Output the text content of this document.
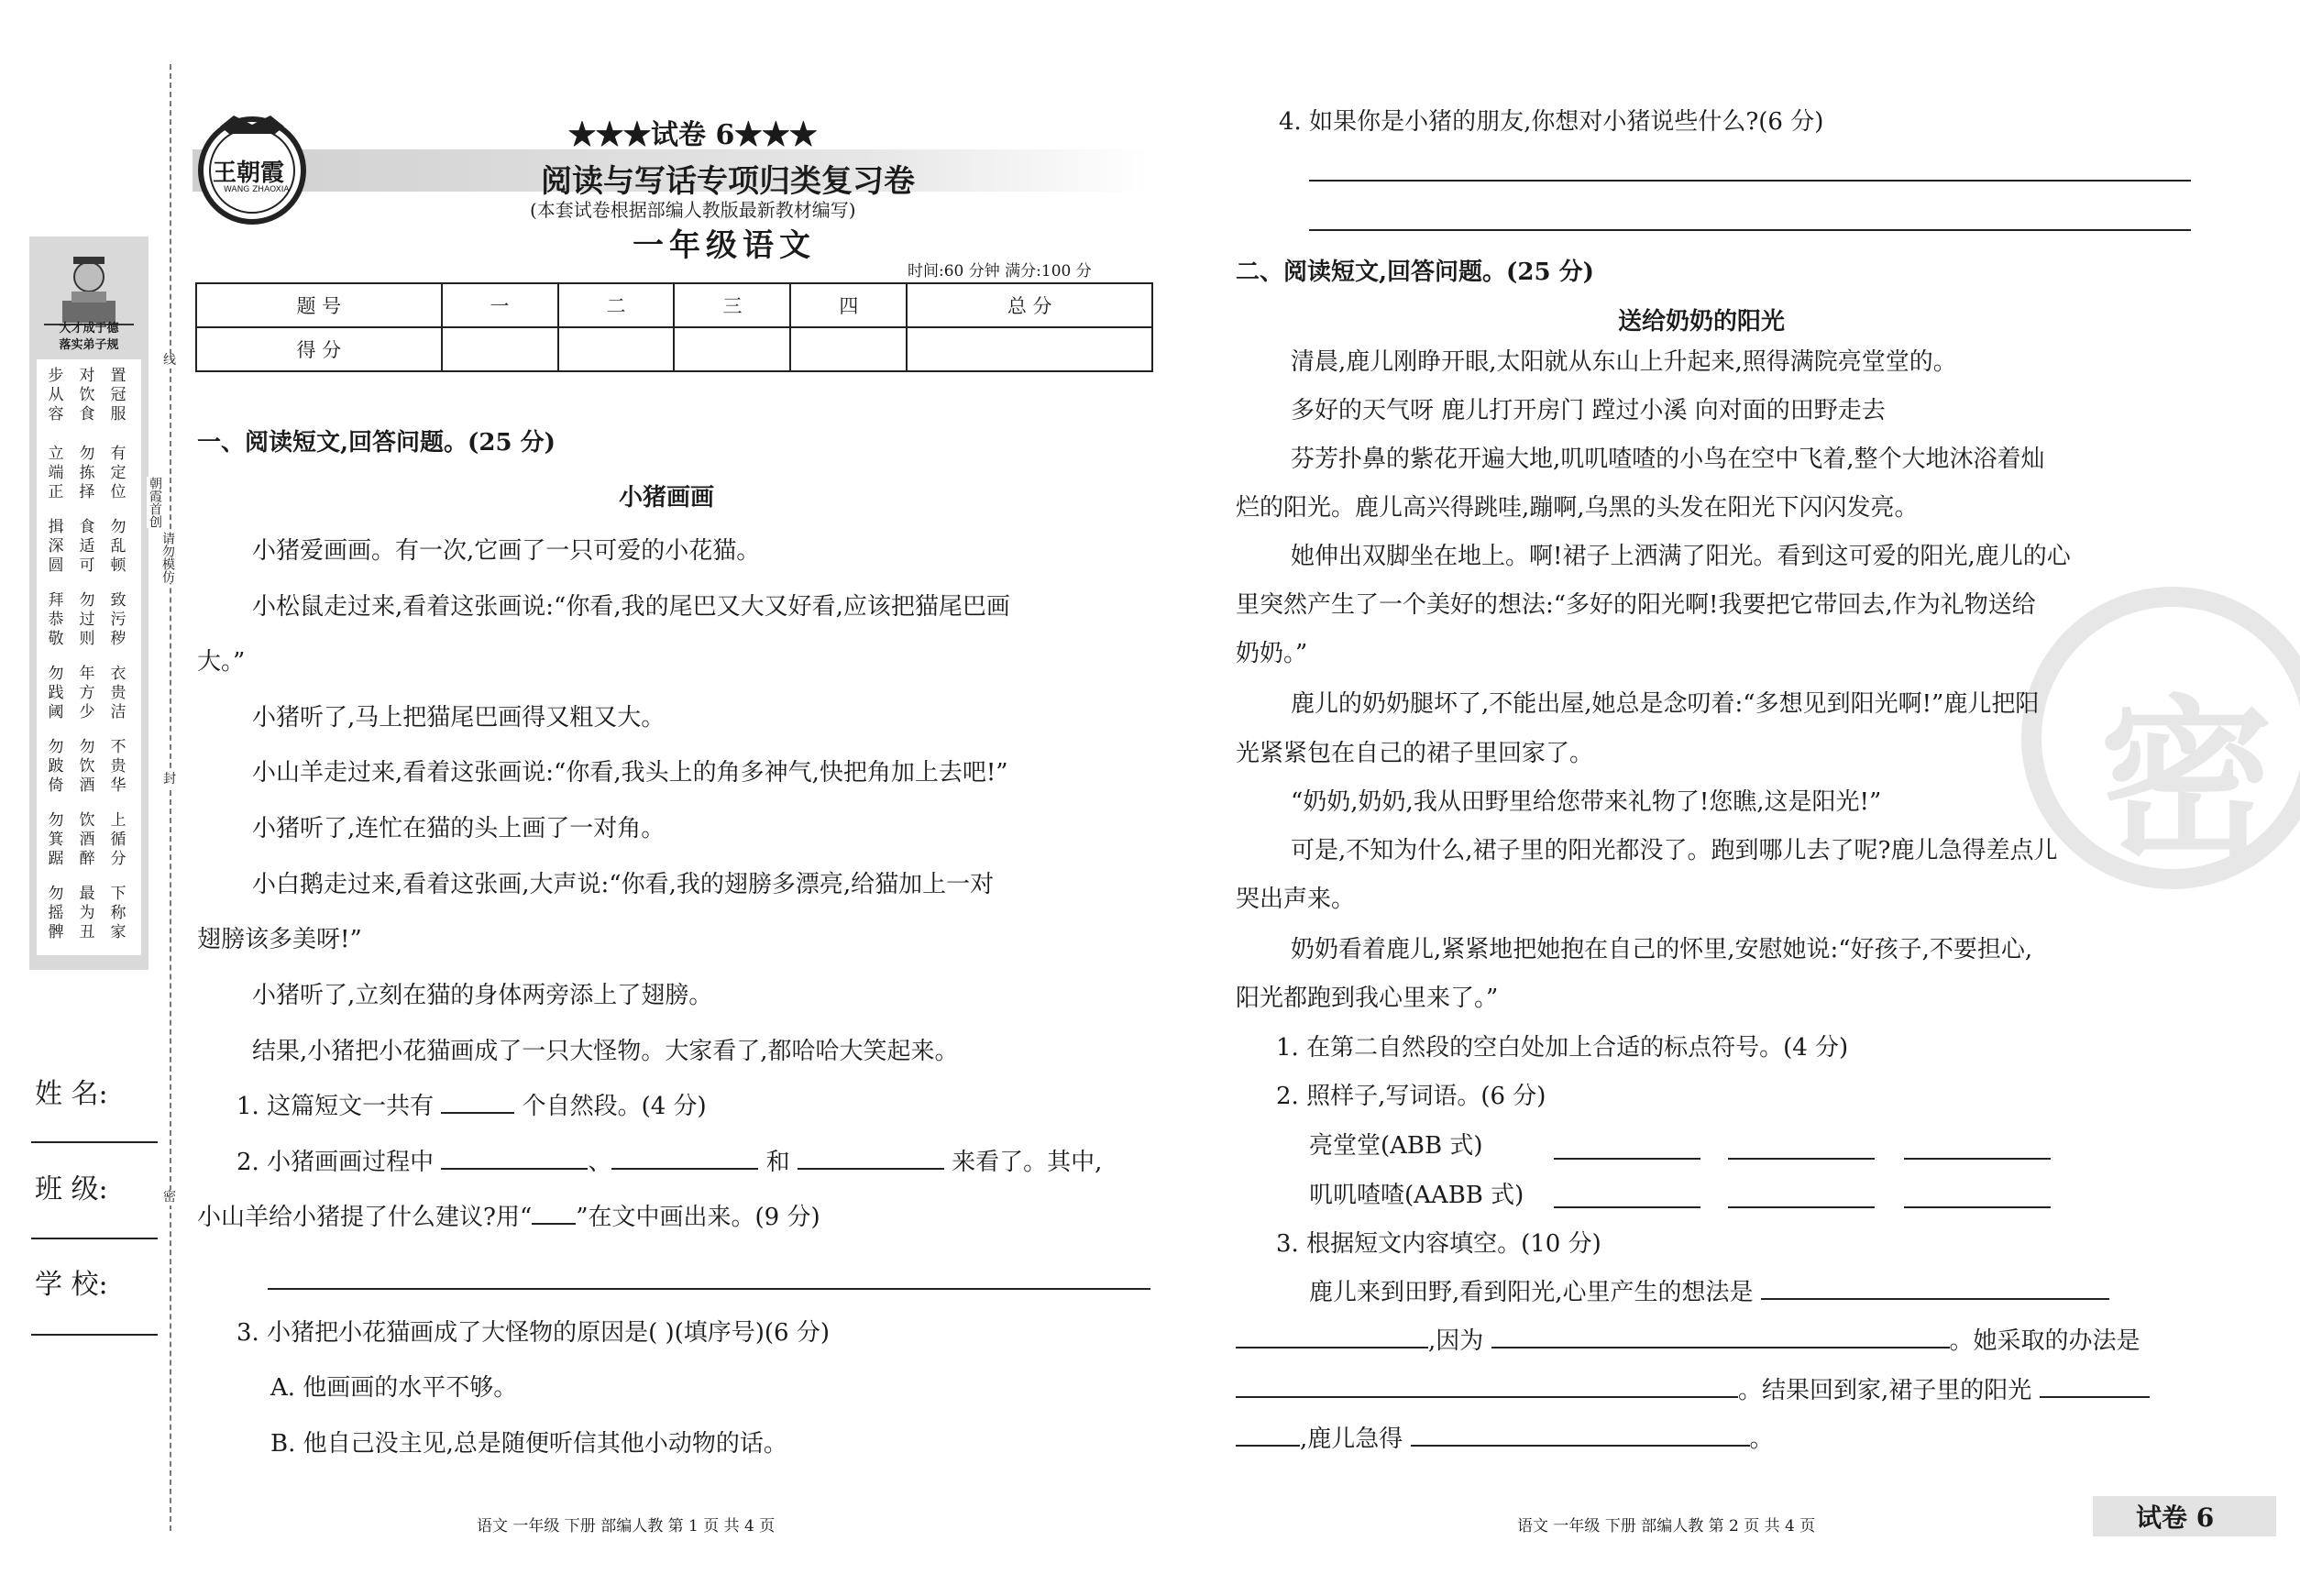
大才成于德
落实弟子规
步
从
容
对
饮
食
置
冠
服
立
端
正
勿
拣
择
有
定
位
揖
深
圆
食
适
可
勿
乱
顿
拜
恭
敬
勿
过
则
致
污
秽
勿
践
阈
年
方
少
衣
贵
洁
勿
跛
倚
勿
饮
酒
不
贵
华
勿
箕
踞
饮
酒
醉
上
循
分
勿
摇
髀
最
为
丑
下
称
家
线
封
密
朝霞首创
请勿模仿
姓 名:
班 级:
学 校:
王朝霞
WANG ZHAOXIA
★★★试卷 6★★★
阅读与写话专项归类复习卷
(本套试卷根据部编人教版最新教材编写)
一年级语文
时间:60 分钟 满分:100 分
题 号	一	二	三	四	总 分
得 分					
一、阅读短文,回答问题。(25 分)
小猪画画
小猪爱画画。有一次,它画了一只可爱的小花猫。
小松鼠走过来,看着这张画说:“你看,我的尾巴又大又好看,应该把猫尾巴画
大。”
小猪听了,马上把猫尾巴画得又粗又大。
小山羊走过来,看着这张画说:“你看,我头上的角多神气,快把角加上去吧!”
小猪听了,连忙在猫的头上画了一对角。
小白鹅走过来,看着这张画,大声说:“你看,我的翅膀多漂亮,给猫加上一对
翅膀该多美呀!”
小猪听了,立刻在猫的身体两旁添上了翅膀。
结果,小猪把小花猫画成了一只大怪物。大家看了,都哈哈大笑起来。
1. 这篇短文一共有	个自然段。(4 分)
2. 小猪画画过程中	、	和	来看了。其中,
小山羊给小猪提了什么建议?用“ ”在文中画出来。(9 分)
3. 小猪把小花猫画成了大怪物的原因是( )(填序号)(6 分)
A. 他画画的水平不够。
B. 他自己没主见,总是随便听信其他小动物的话。
语文 一年级 下册 部编人教 第 1 页 共 4 页
密
4. 如果你是小猪的朋友,你想对小猪说些什么?(6 分)
二、阅读短文,回答问题。(25 分)
送给奶奶的阳光
清晨,鹿儿刚睁开眼,太阳就从东山上升起来,照得满院亮堂堂的。
多好的天气呀 鹿儿打开房门 蹚过小溪 向对面的田野走去
芬芳扑鼻的紫花开遍大地,叽叽喳喳的小鸟在空中飞着,整个大地沐浴着灿
烂的阳光。鹿儿高兴得跳哇,蹦啊,乌黑的头发在阳光下闪闪发亮。
她伸出双脚坐在地上。啊!裙子上洒满了阳光。看到这可爱的阳光,鹿儿的心
里突然产生了一个美好的想法:“多好的阳光啊!我要把它带回去,作为礼物送给
奶奶。”
鹿儿的奶奶腿坏了,不能出屋,她总是念叨着:“多想见到阳光啊!”鹿儿把阳
光紧紧包在自己的裙子里回家了。
“奶奶,奶奶,我从田野里给您带来礼物了!您瞧,这是阳光!”
可是,不知为什么,裙子里的阳光都没了。跑到哪儿去了呢?鹿儿急得差点儿
哭出声来。
奶奶看着鹿儿,紧紧地把她抱在自己的怀里,安慰她说:“好孩子,不要担心,
阳光都跑到我心里来了。”
1. 在第二自然段的空白处加上合适的标点符号。(4 分)
2. 照样子,写词语。(6 分)
亮堂堂(ABB 式)
叽叽喳喳(AABB 式)
3. 根据短文内容填空。(10 分)
鹿儿来到田野,看到阳光,心里产生的想法是
,因为	。她采取的办法是
。结果回到家,裙子里的阳光
,鹿儿急得	。
语文 一年级 下册 部编人教 第 2 页 共 4 页	试卷 6
